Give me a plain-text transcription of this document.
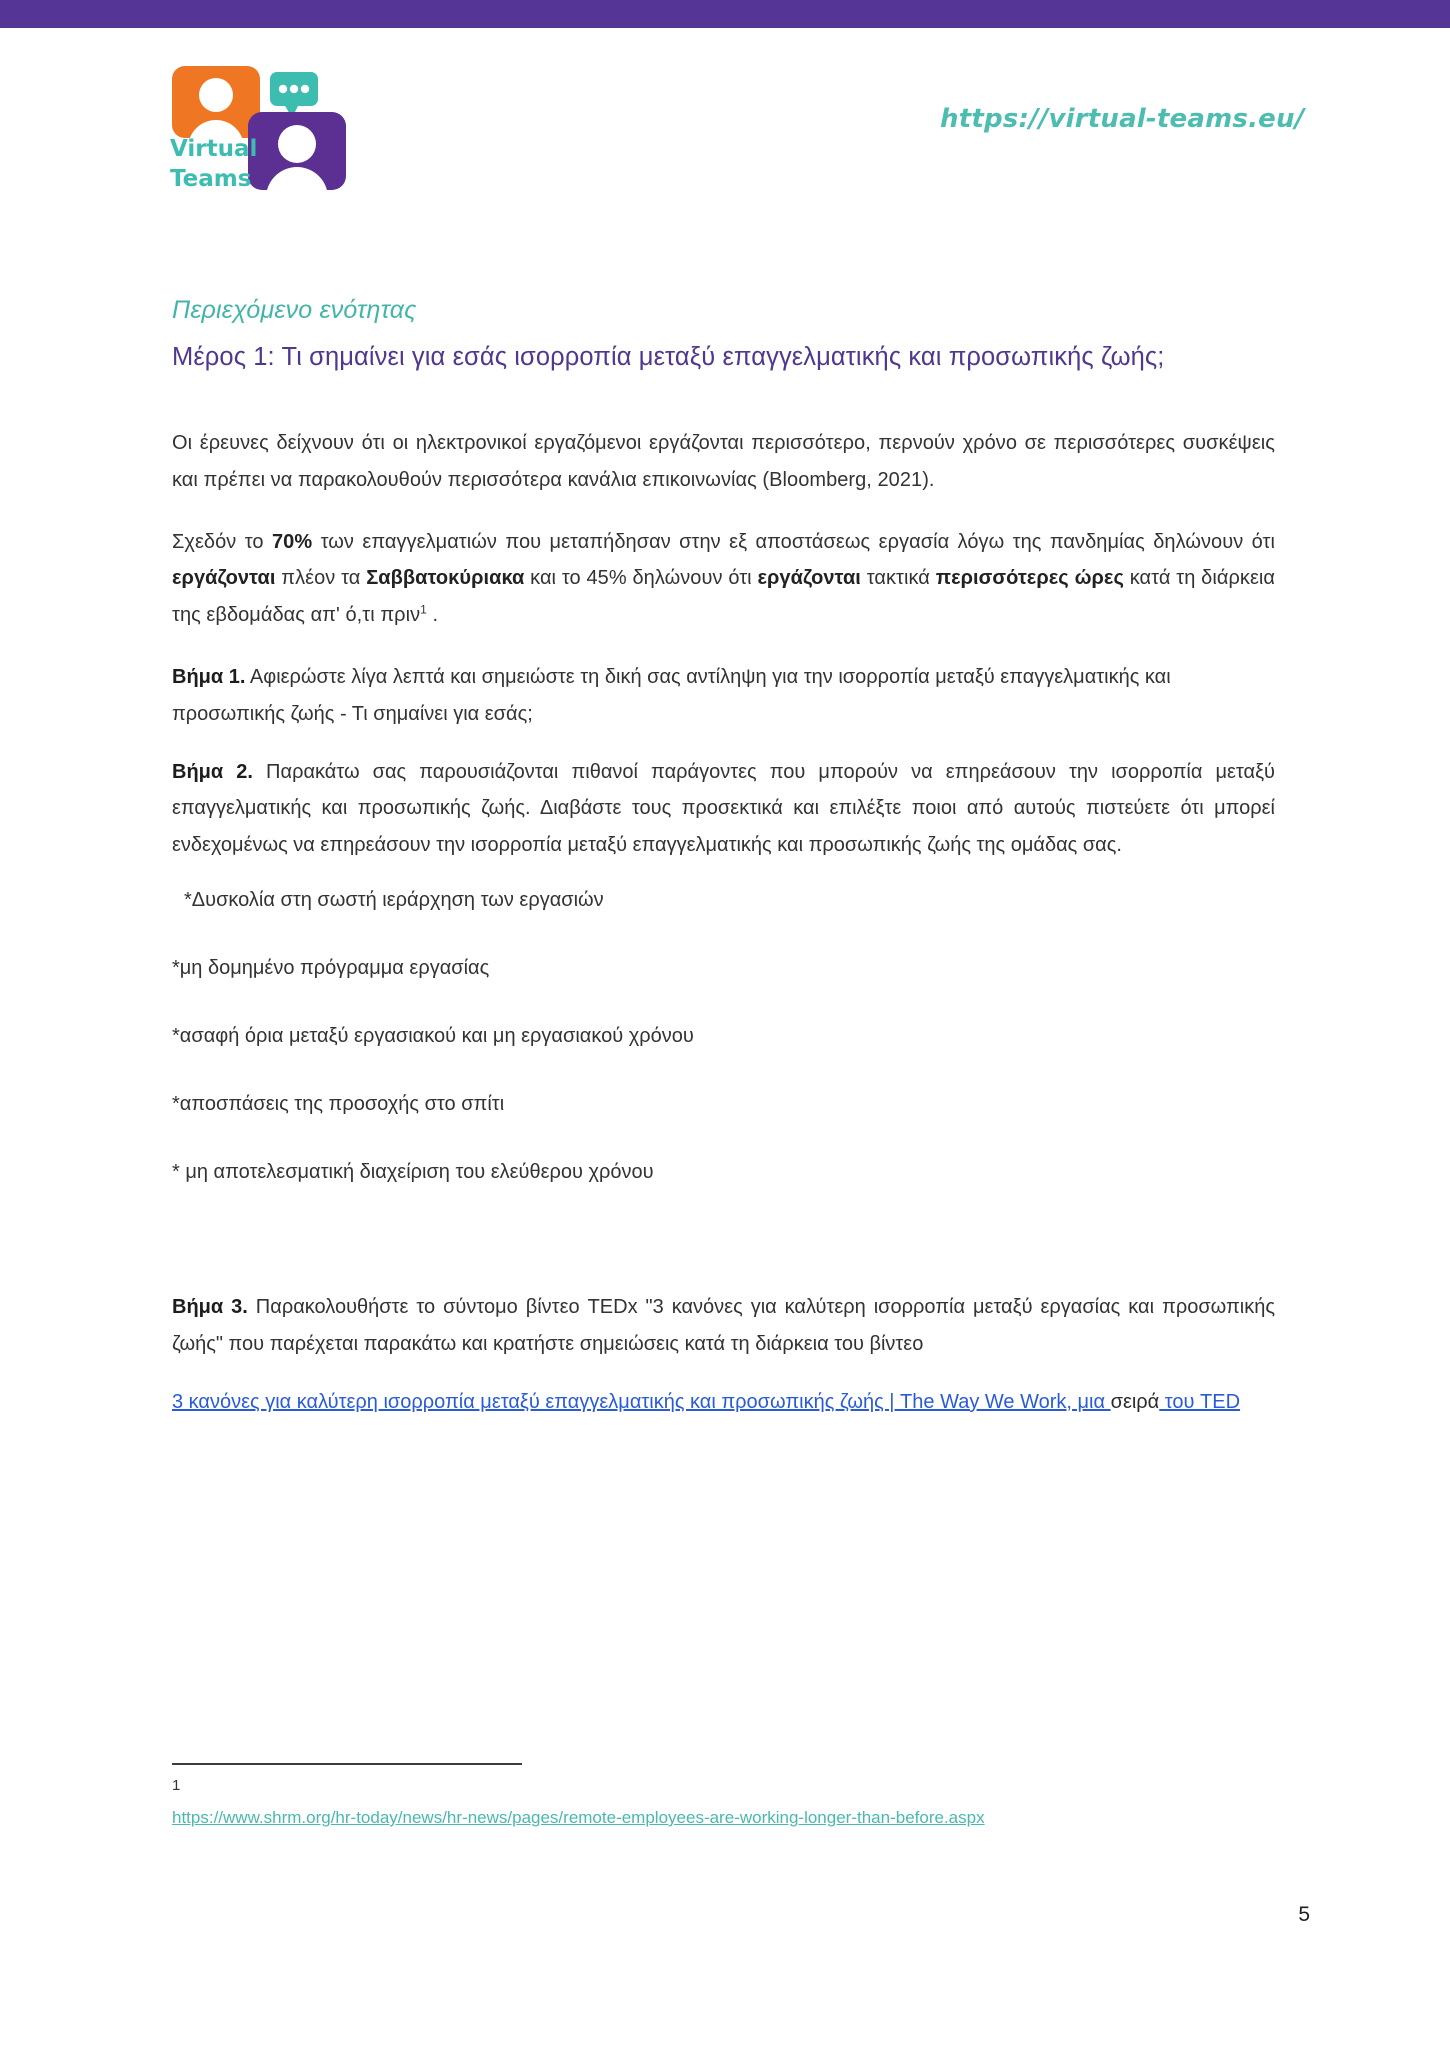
Virtual
Teams
https://virtual-teams.eu/

Περιεχόμενο ενότητας

Μέρος 1: Τι σημαίνει για εσάς ισορροπία μεταξύ επαγγελματικής και προσωπικής ζωής;

Οι έρευνες δείχνουν ότι οι ηλεκτρονικοί εργαζόμενοι εργάζονται περισσότερο, περνούν χρόνο σε περισσότερες συσκέψεις και πρέπει να παρακολουθούν περισσότερα κανάλια επικοινωνίας (Bloomberg, 2021).

Σχεδόν το 70% των επαγγελματιών που μεταπήδησαν στην εξ αποστάσεως εργασία λόγω της πανδημίας δηλώνουν ότι εργάζονται πλέον τα Σαββατοκύριακα και το 45% δηλώνουν ότι εργάζονται τακτικά περισσότερες ώρες κατά τη διάρκεια της εβδομάδας απ' ό,τι πριν$^1$ .

Βήμα 1. Αφιερώστε λίγα λεπτά και σημειώστε τη δική σας αντίληψη για την ισορροπία μεταξύ επαγγελματικής και προσωπικής ζωής - Τι σημαίνει για εσάς;

Βήμα 2. Παρακάτω σας παρουσιάζονται πιθανοί παράγοντες που μπορούν να επηρεάσουν την ισορροπία μεταξύ επαγγελματικής και προσωπικής ζωής. Διαβάστε τους προσεκτικά και επιλέξτε ποιοι από αυτούς πιστεύετε ότι μπορεί ενδεχομένως να επηρεάσουν την ισορροπία μεταξύ επαγγελματικής και προσωπικής ζωής της ομάδας σας.

*Δυσκολία στη σωστή ιεράρχηση των εργασιών
*μη δομημένο πρόγραμμα εργασίας
*ασαφή όρια μεταξύ εργασιακού και μη εργασιακού χρόνου
*αποσπάσεις της προσοχής στο σπίτι
* μη αποτελεσματική διαχείριση του ελεύθερου χρόνου

Βήμα 3. Παρακολουθήστε το σύντομο βίντεο TEDx "3 κανόνες για καλύτερη ισορροπία μεταξύ εργασίας και προσωπικής ζωής" που παρέχεται παρακάτω και κρατήστε σημειώσεις κατά τη διάρκεια του βίντεο

3 κανόνες για καλύτερη ισορροπία μεταξύ επαγγελματικής και προσωπικής ζωής | The Way We Work, μια σειρά του TED

1
https://www.shrm.org/hr-today/news/hr-news/pages/remote-employees-are-working-longer-than-before.aspx
5
